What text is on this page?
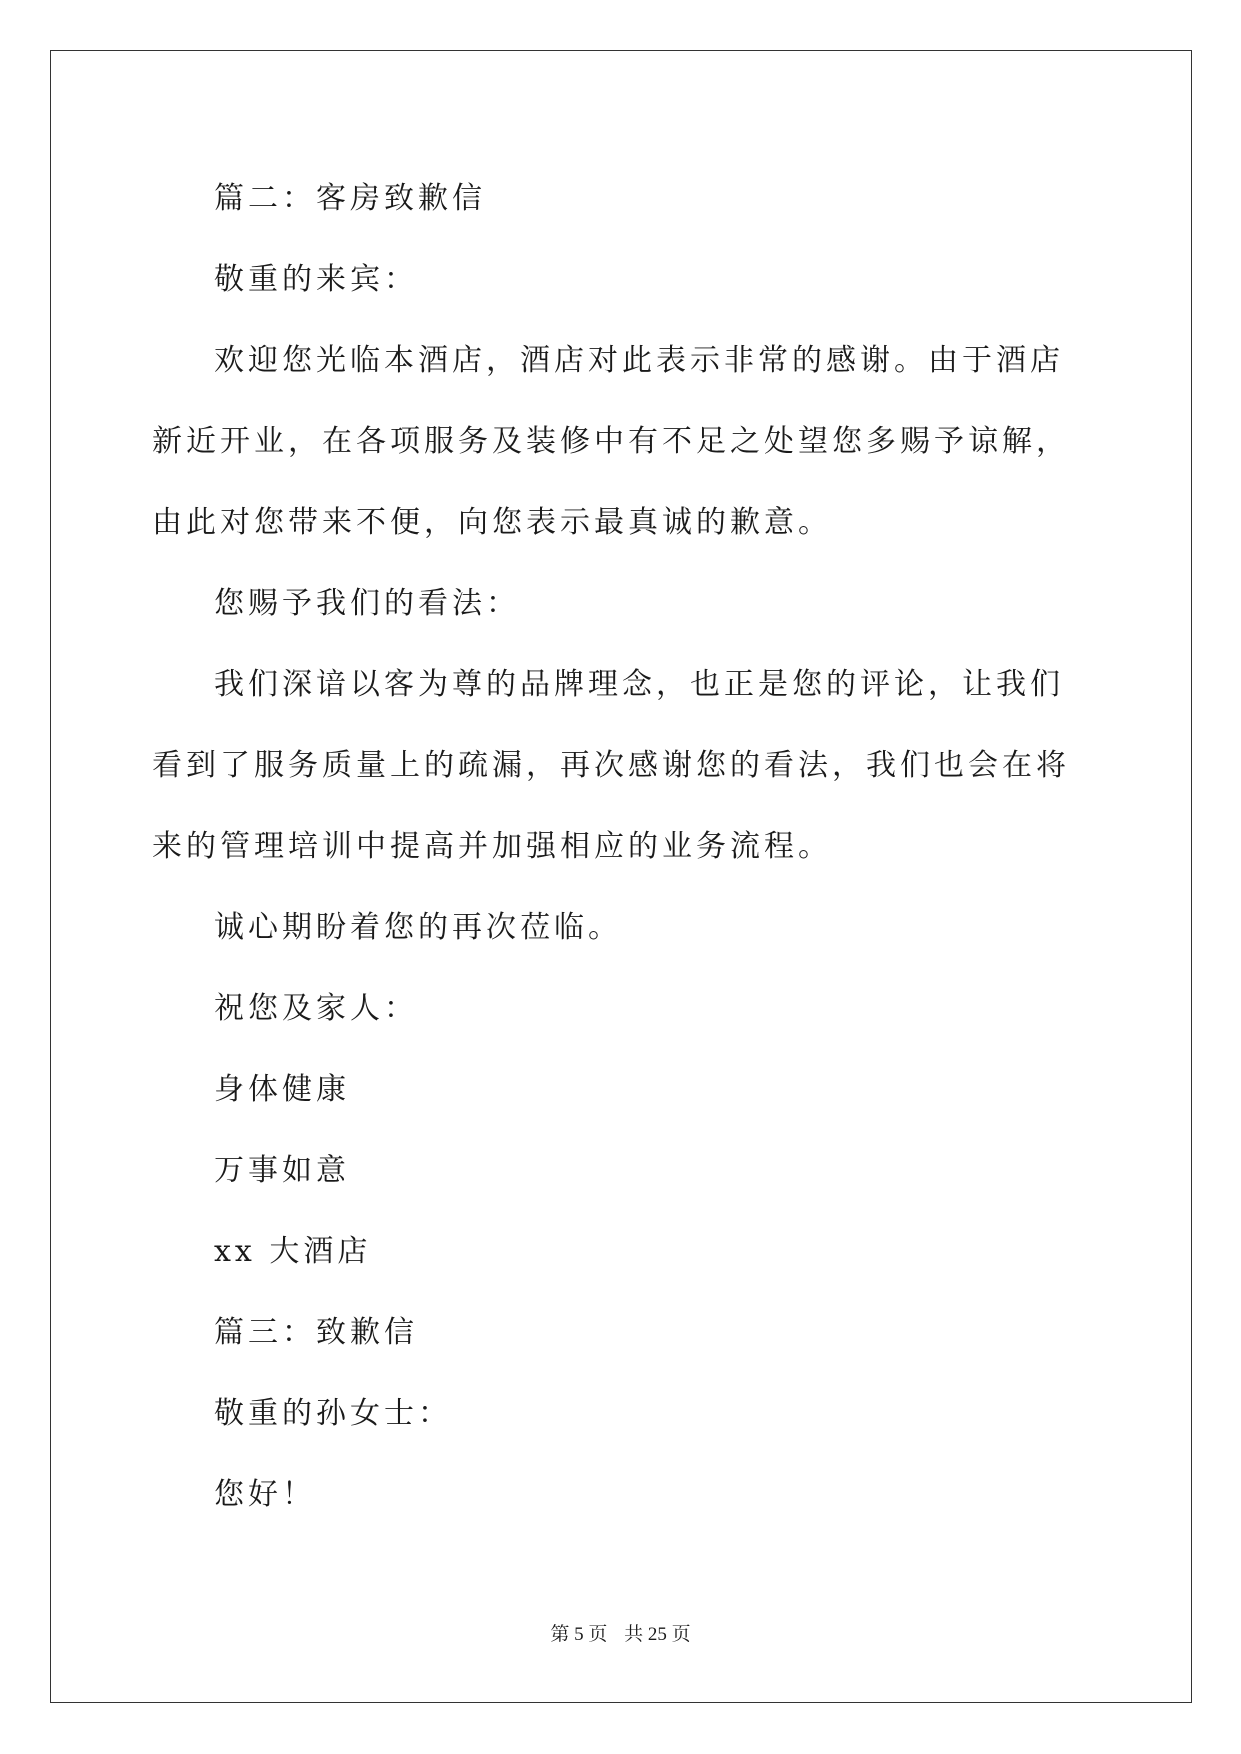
篇二：客房致歉信

敬重的来宾：

欢迎您光临本酒店，酒店对此表示非常的感谢。由于酒店新近开业，在各项服务及装修中有不足之处望您多赐予谅解，由此对您带来不便，向您表示最真诚的歉意。

您赐予我们的看法：

我们深谙以客为尊的品牌理念，也正是您的评论，让我们看到了服务质量上的疏漏，再次感谢您的看法，我们也会在将来的管理培训中提高并加强相应的业务流程。

诚心期盼着您的再次莅临。

祝您及家人：

身体健康

万事如意

xx 大酒店

篇三：致歉信

敬重的孙女士：

您好！

第 5 页 共 25 页
